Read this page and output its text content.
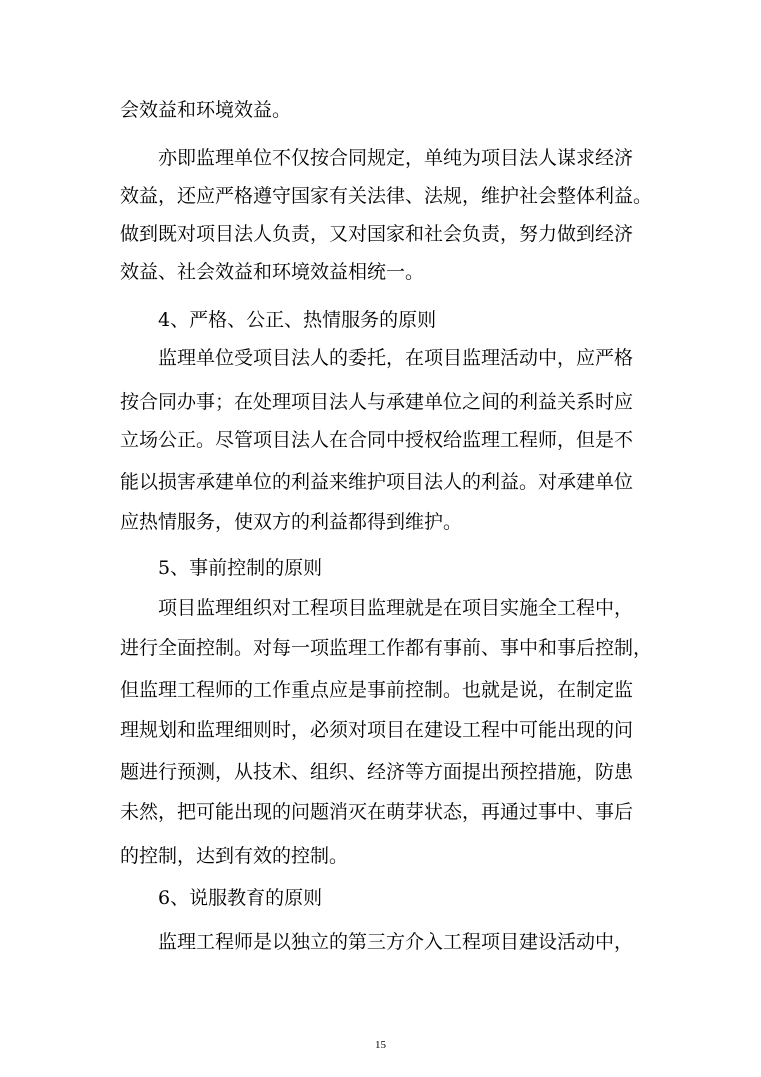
会效益和环境效益。
亦即监理单位不仅按合同规定，单纯为项目法人谋求经济
效益，还应严格遵守国家有关法律、法规，维护社会整体利益。
做到既对项目法人负责，又对国家和社会负责，努力做到经济
效益、社会效益和环境效益相统一。
4、严格、公正、热情服务的原则
监理单位受项目法人的委托，在项目监理活动中，应严格
按合同办事；在处理项目法人与承建单位之间的利益关系时应
立场公正。尽管项目法人在合同中授权给监理工程师，但是不
能以损害承建单位的利益来维护项目法人的利益。对承建单位
应热情服务，使双方的利益都得到维护。
5、事前控制的原则
项目监理组织对工程项目监理就是在项目实施全工程中，
进行全面控制。对每一项监理工作都有事前、事中和事后控制，
但监理工程师的工作重点应是事前控制。也就是说，在制定监
理规划和监理细则时，必须对项目在建设工程中可能出现的问
题进行预测，从技术、组织、经济等方面提出预控措施，防患
未然，把可能出现的问题消灭在萌芽状态，再通过事中、事后
的控制，达到有效的控制。
6、说服教育的原则
监理工程师是以独立的第三方介入工程项目建设活动中，
15
